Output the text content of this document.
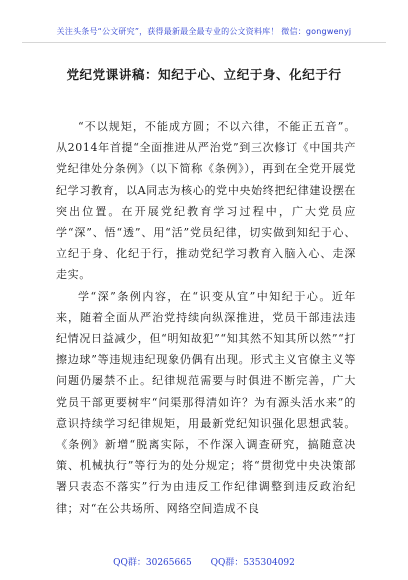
关注头条号“公文研究”，获得最新最全最专业的公文资料库！ 微信：gongwenyj
党纪党课讲稿：知纪于心、立纪于身、化纪于行

“不以规矩，不能成方圆；不以六律，不能正五音”。从2014年首提“全面推进从严治党”到三次修订《中国共产党纪律处分条例》（以下简称《条例》），再到在全党开展党纪学习教育，以A同志为核心的党中央始终把纪律建设摆在突出位置。在开展党纪教育学习过程中，广大党员应学“深”、悟“透”、用“活”党员纪律，切实做到知纪于心、立纪于身、化纪于行，推动党纪学习教育入脑入心、走深走实。

学“深”条例内容，在“识变从宜”中知纪于心。近年来，随着全面从严治党持续向纵深推进，党员干部违法违纪情况日益减少，但“明知故犯”“知其然不知其所以然”“打擦边球”等违规违纪现象仍偶有出现。形式主义官僚主义等问题仍屡禁不止。纪律规范需要与时俱进不断完善，广大党员干部更要树牢“问渠那得清如许？为有源头活水来”的意识持续学习纪律规矩，用最新党纪知识强化思想武装。《条例》新增“脱离实际，不作深入调查研究，搞随意决策、机械执行”等行为的处分规定；将“贯彻党中央决策部署只表态不落实”行为由违反工作纪律调整到违反政治纪律；对“在公共场所、网络空间造成不良

QQ群：30265665 QQ群：535304092
